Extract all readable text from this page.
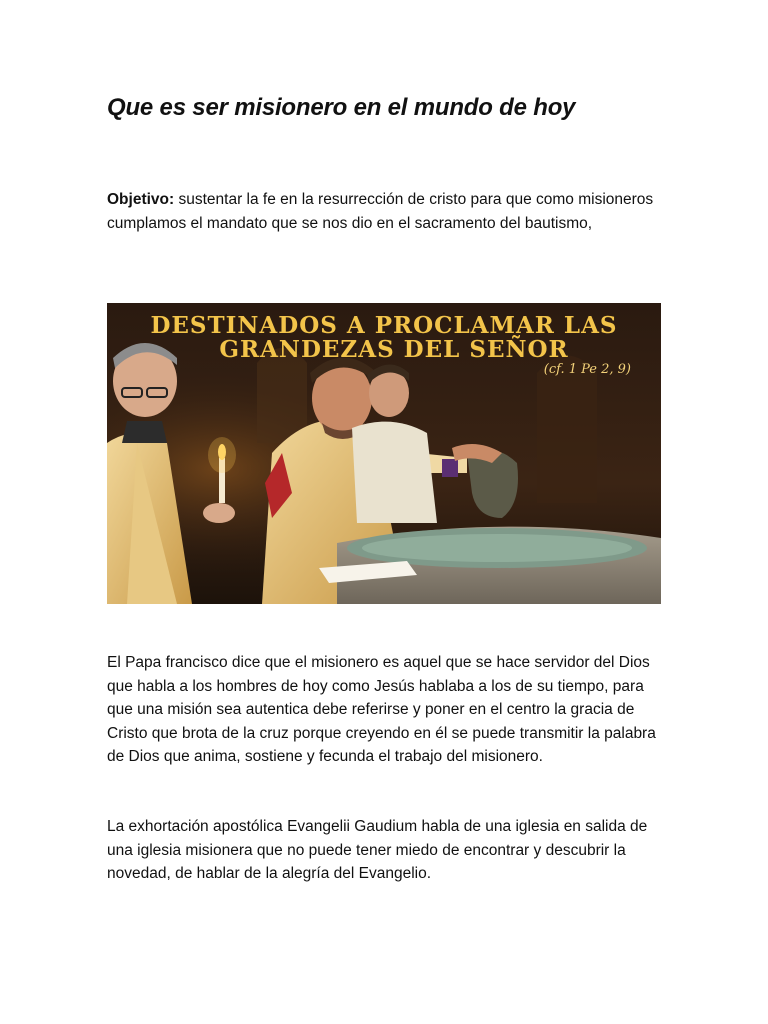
Que es ser misionero en el mundo de hoy

Objetivo: sustentar la fe en la resurrección de cristo para que como misioneros cumplamos el mandato que se nos dio en el sacramento del bautismo,

DESTINADOS A PROCLAMAR LAS
GRANDEZAS DEL SEÑOR
(cf. 1 Pe 2, 9)

El Papa francisco dice que el misionero es aquel que se hace servidor del Dios que habla a los hombres de hoy como Jesús hablaba a los de su tiempo, para que una misión sea autentica debe referirse y poner en el centro la gracia de Cristo que brota de la cruz porque creyendo en él se puede transmitir la palabra de Dios que anima, sostiene y fecunda el trabajo del misionero.

La exhortación apostólica Evangelii Gaudium habla de una iglesia en salida de una iglesia misionera que no puede tener miedo de encontrar y descubrir la novedad, de hablar de la alegría del Evangelio.
